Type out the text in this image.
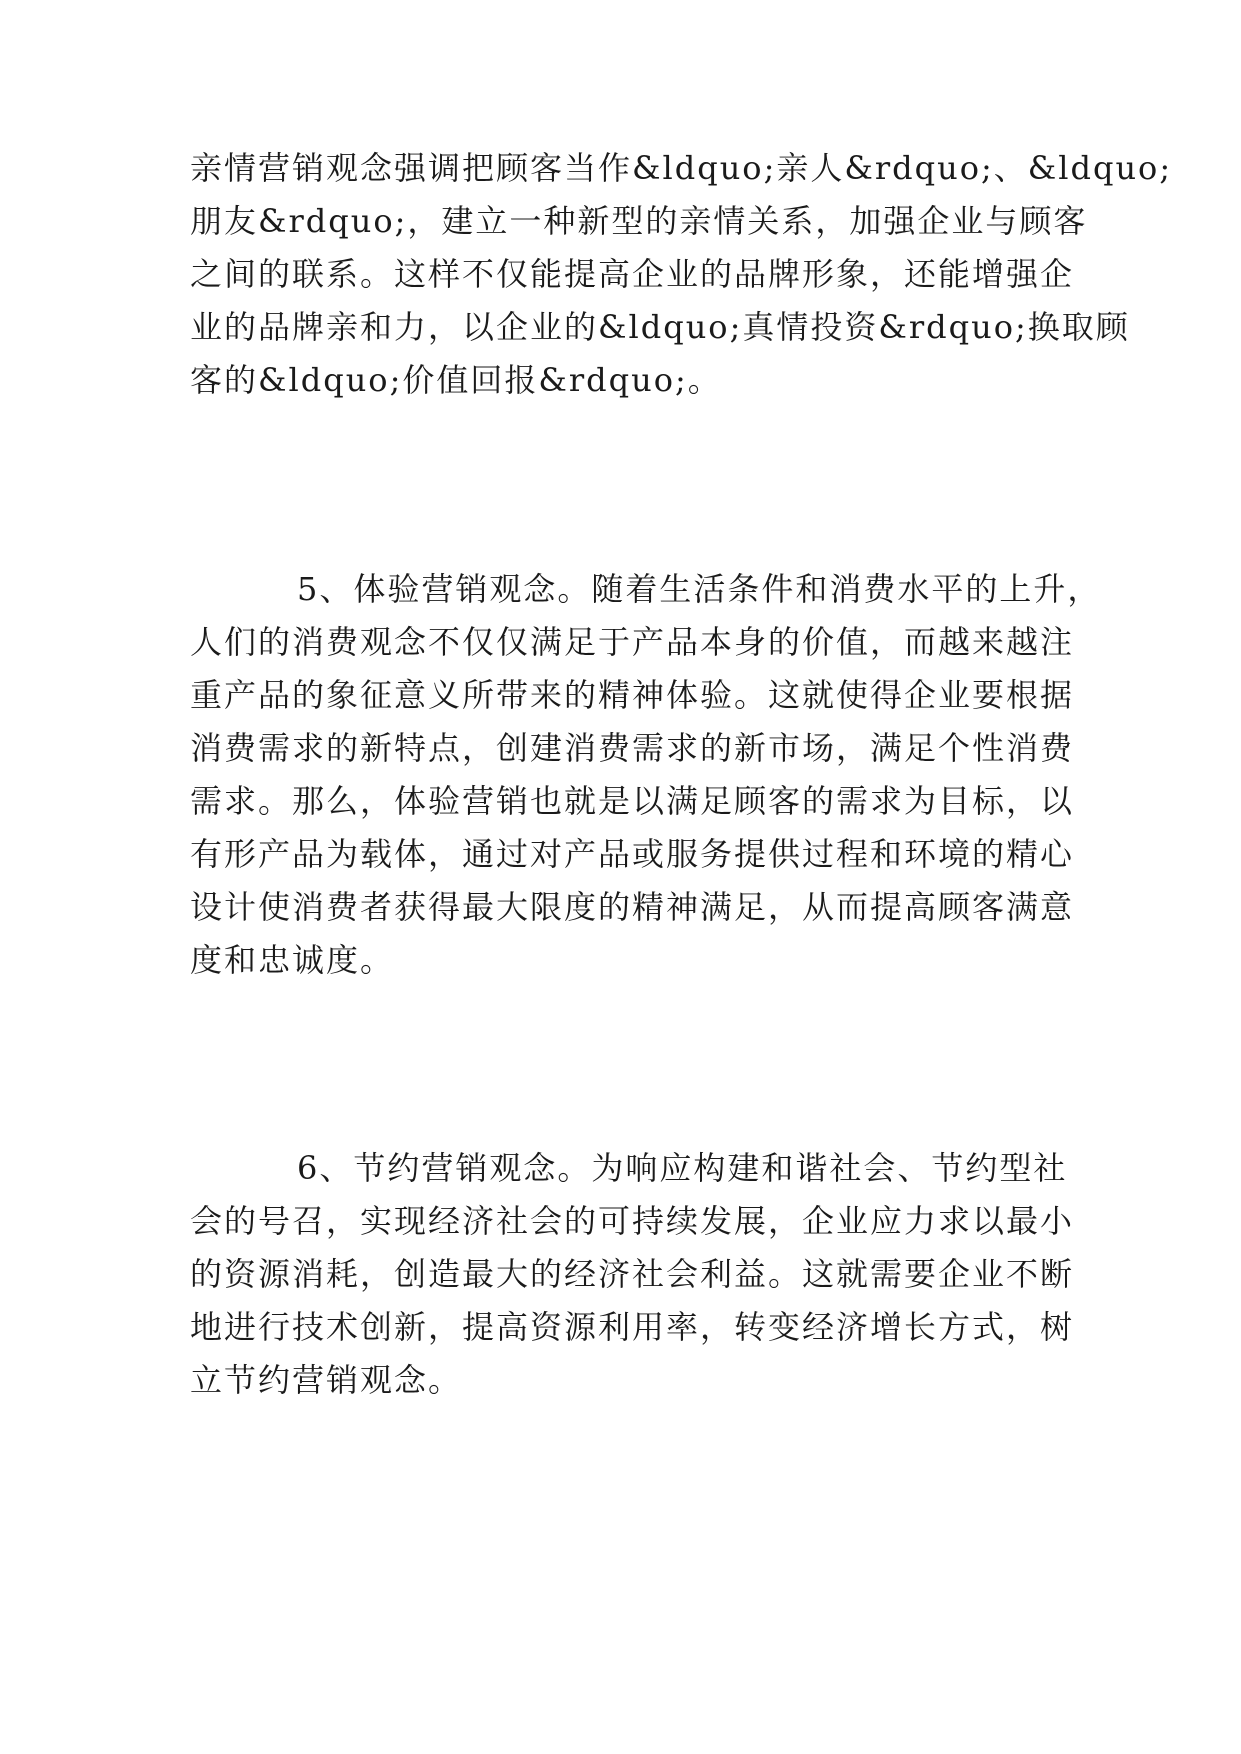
亲情营销观念强调把顾客当作&ldquo;亲人&rdquo;、&ldquo;
朋友&rdquo;，建立一种新型的亲情关系，加强企业与顾客
之间的联系。这样不仅能提高企业的品牌形象，还能增强企
业的品牌亲和力，以企业的&ldquo;真情投资&rdquo;换取顾
客的&ldquo;价值回报&rdquo;。
5、体验营销观念。随着生活条件和消费水平的上升，
人们的消费观念不仅仅满足于产品本身的价值，而越来越注
重产品的象征意义所带来的精神体验。这就使得企业要根据
消费需求的新特点，创建消费需求的新市场，满足个性消费
需求。那么，体验营销也就是以满足顾客的需求为目标，以
有形产品为载体，通过对产品或服务提供过程和环境的精心
设计使消费者获得最大限度的精神满足，从而提高顾客满意
度和忠诚度。
6、节约营销观念。为响应构建和谐社会、节约型社
会的号召，实现经济社会的可持续发展，企业应力求以最小
的资源消耗，创造最大的经济社会利益。这就需要企业不断
地进行技术创新，提高资源利用率，转变经济增长方式，树
立节约营销观念。
